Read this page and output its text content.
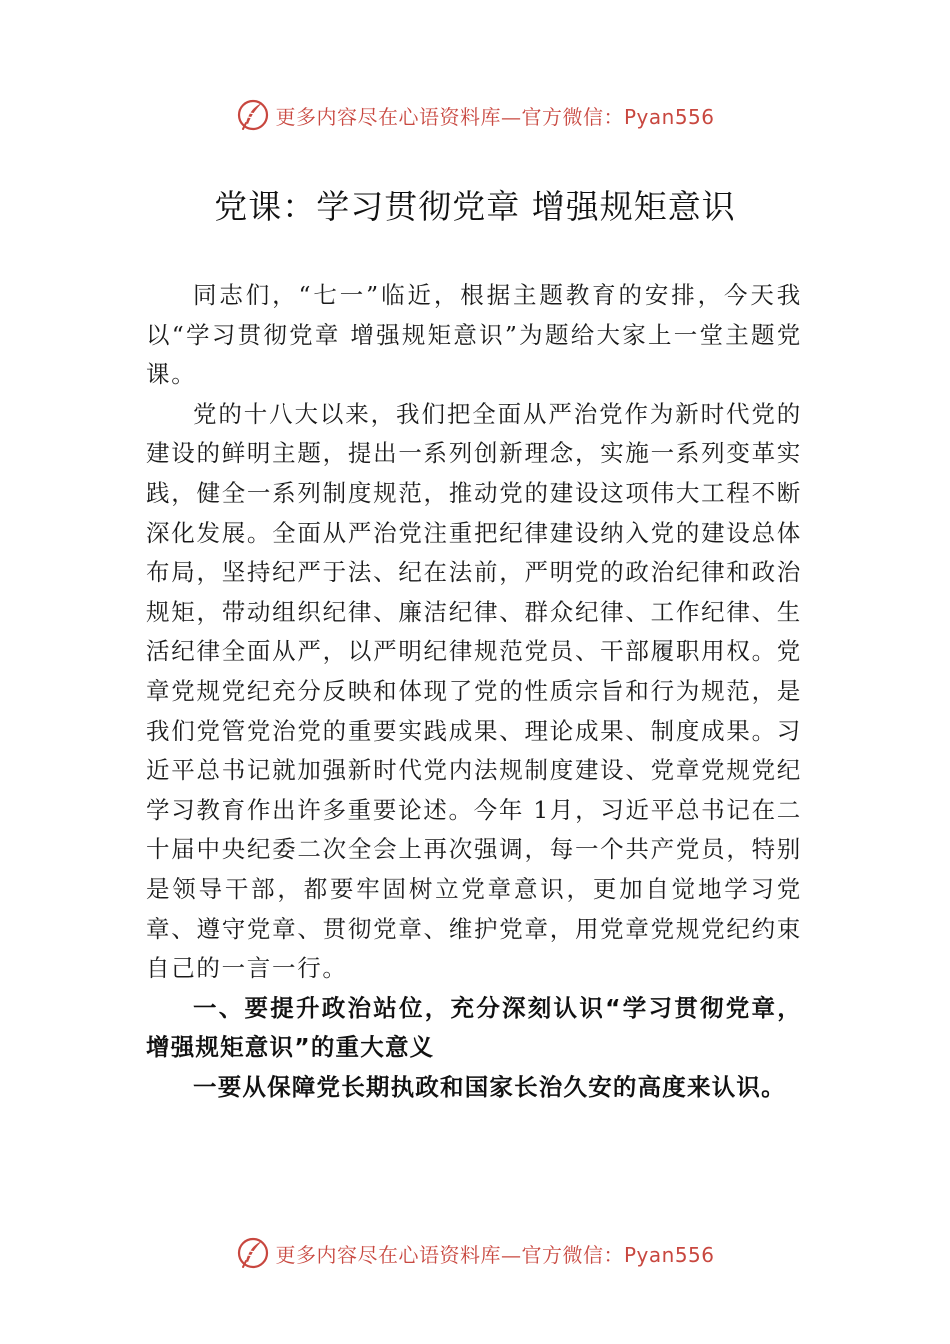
更多内容尽在心语资料库—官方微信：Pyan556
党课：学习贯彻党章 增强规矩意识

同志们，“七一”临近，根据主题教育的安排，今天我以“学习贯彻党章 增强规矩意识”为题给大家上一堂主题党课。

党的十八大以来，我们把全面从严治党作为新时代党的建设的鲜明主题，提出一系列创新理念，实施一系列变革实践，健全一系列制度规范，推动党的建设这项伟大工程不断深化发展。全面从严治党注重把纪律建设纳入党的建设总体布局，坚持纪严于法、纪在法前，严明党的政治纪律和政治规矩，带动组织纪律、廉洁纪律、群众纪律、工作纪律、生活纪律全面从严，以严明纪律规范党员、干部履职用权。党章党规党纪充分反映和体现了党的性质宗旨和行为规范，是我们党管党治党的重要实践成果、理论成果、制度成果。习近平总书记就加强新时代党内法规制度建设、党章党规党纪学习教育作出许多重要论述。今年 1月，习近平总书记在二十届中央纪委二次全会上再次强调，每一个共产党员，特别是领导干部，都要牢固树立党章意识，更加自觉地学习党章、遵守党章、贯彻党章、维护党章，用党章党规党纪约束自己的一言一行。

一、要提升政治站位，充分深刻认识“学习贯彻党章，增强规矩意识”的重大意义

一要从保障党长期执政和国家长治久安的高度来认识。

更多内容尽在心语资料库—官方微信：Pyan556
